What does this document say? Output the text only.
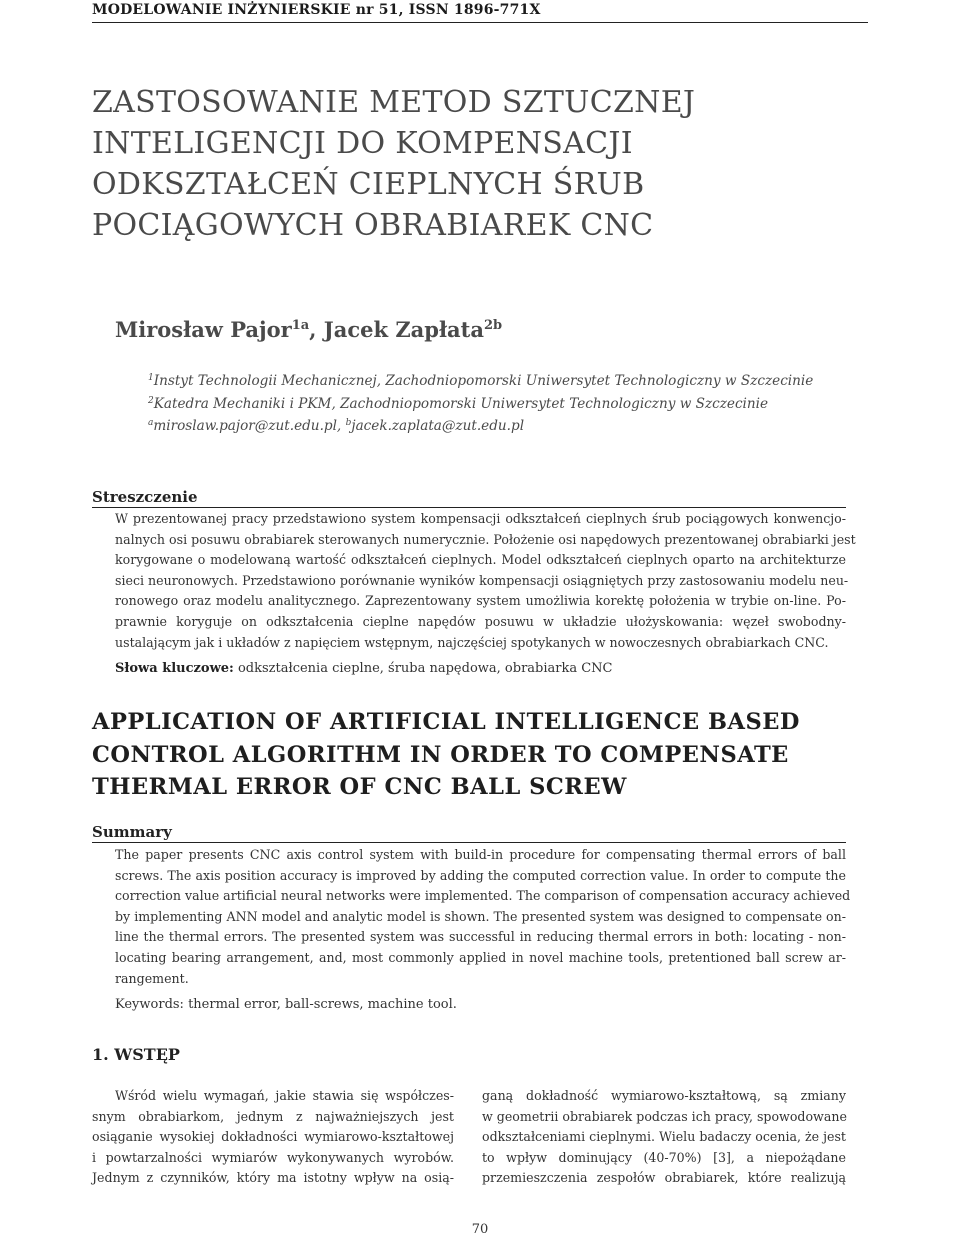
MODELOWANIE INŻYNIERSKIE nr 51, ISSN 1896-771X
ZASTOSOWANIE METOD SZTUCZNEJ
INTELIGENCJI DO KOMPENSACJI
ODKSZTAŁCEŃ CIEPLNYCH ŚRUB
POCIĄGOWYCH OBRABIAREK CNC
Mirosław Pajor$^{1a}$, Jacek Zapłata$^{2b}$
$^1$Instyt Technologii Mechanicznej, Zachodniopomorski Uniwersytet Technologiczny w Szczecinie
$^2$Katedra Mechaniki i PKM, Zachodniopomorski Uniwersytet Technologiczny w Szczecinie
$^a$miroslaw.pajor@zut.edu.pl, $^b$jacek.zaplata@zut.edu.pl
Streszczenie
W prezentowanej pracy przedstawiono system kompensacji odkształceń cieplnych śrub pociągowych konwencjo-
nalnych osi posuwu obrabiarek sterowanych numerycznie. Położenie osi napędowych prezentowanej obrabiarki jest
korygowane o modelowaną wartość odkształceń cieplnych. Model odkształceń cieplnych oparto na architekturze
sieci neuronowych. Przedstawiono porównanie wyników kompensacji osiągniętych przy zastosowaniu modelu neu-
ronowego oraz modelu analitycznego. Zaprezentowany system umożliwia korektę położenia w trybie on-line. Po-
prawnie koryguje on odkształcenia cieplne napędów posuwu w układzie ułożyskowania: węzeł swobodny-
ustalającym jak i układów z napięciem wstępnym, najczęściej spotykanych w nowoczesnych obrabiarkach CNC.
Słowa kluczowe: odkształcenia cieplne, śruba napędowa, obrabiarka CNC
APPLICATION OF ARTIFICIAL INTELLIGENCE BASED
CONTROL ALGORITHM IN ORDER TO COMPENSATE
THERMAL ERROR OF CNC BALL SCREW
Summary
The paper presents CNC axis control system with build-in procedure for compensating thermal errors of ball
screws. The axis position accuracy is improved by adding the computed correction value. In order to compute the
correction value artificial neural networks were implemented. The comparison of compensation accuracy achieved
by implementing ANN model and analytic model is shown. The presented system was designed to compensate on-
line the thermal errors. The presented system was successful in reducing thermal errors in both: locating - non-
locating bearing arrangement, and, most commonly applied in novel machine tools, pretentioned ball screw ar-
rangement.
Keywords: thermal error, ball-screws, machine tool.
1. WSTĘP
Wśród wielu wymagań, jakie stawia się współczes-
snym obrabiarkom, jednym z najważniejszych jest
osiąganie wysokiej dokładności wymiarowo-kształtowej
i powtarzalności wymiarów wykonywanych wyrobów.
Jednym z czynników, który ma istotny wpływ na osią-
ganą dokładność wymiarowo-kształtową, są zmiany
w geometrii obrabiarek podczas ich pracy, spowodowane
odkształceniami cieplnymi. Wielu badaczy ocenia, że jest
to wpływ dominujący (40-70%) [3], a niepożądane
przemieszczenia zespołów obrabiarek, które realizują
70
